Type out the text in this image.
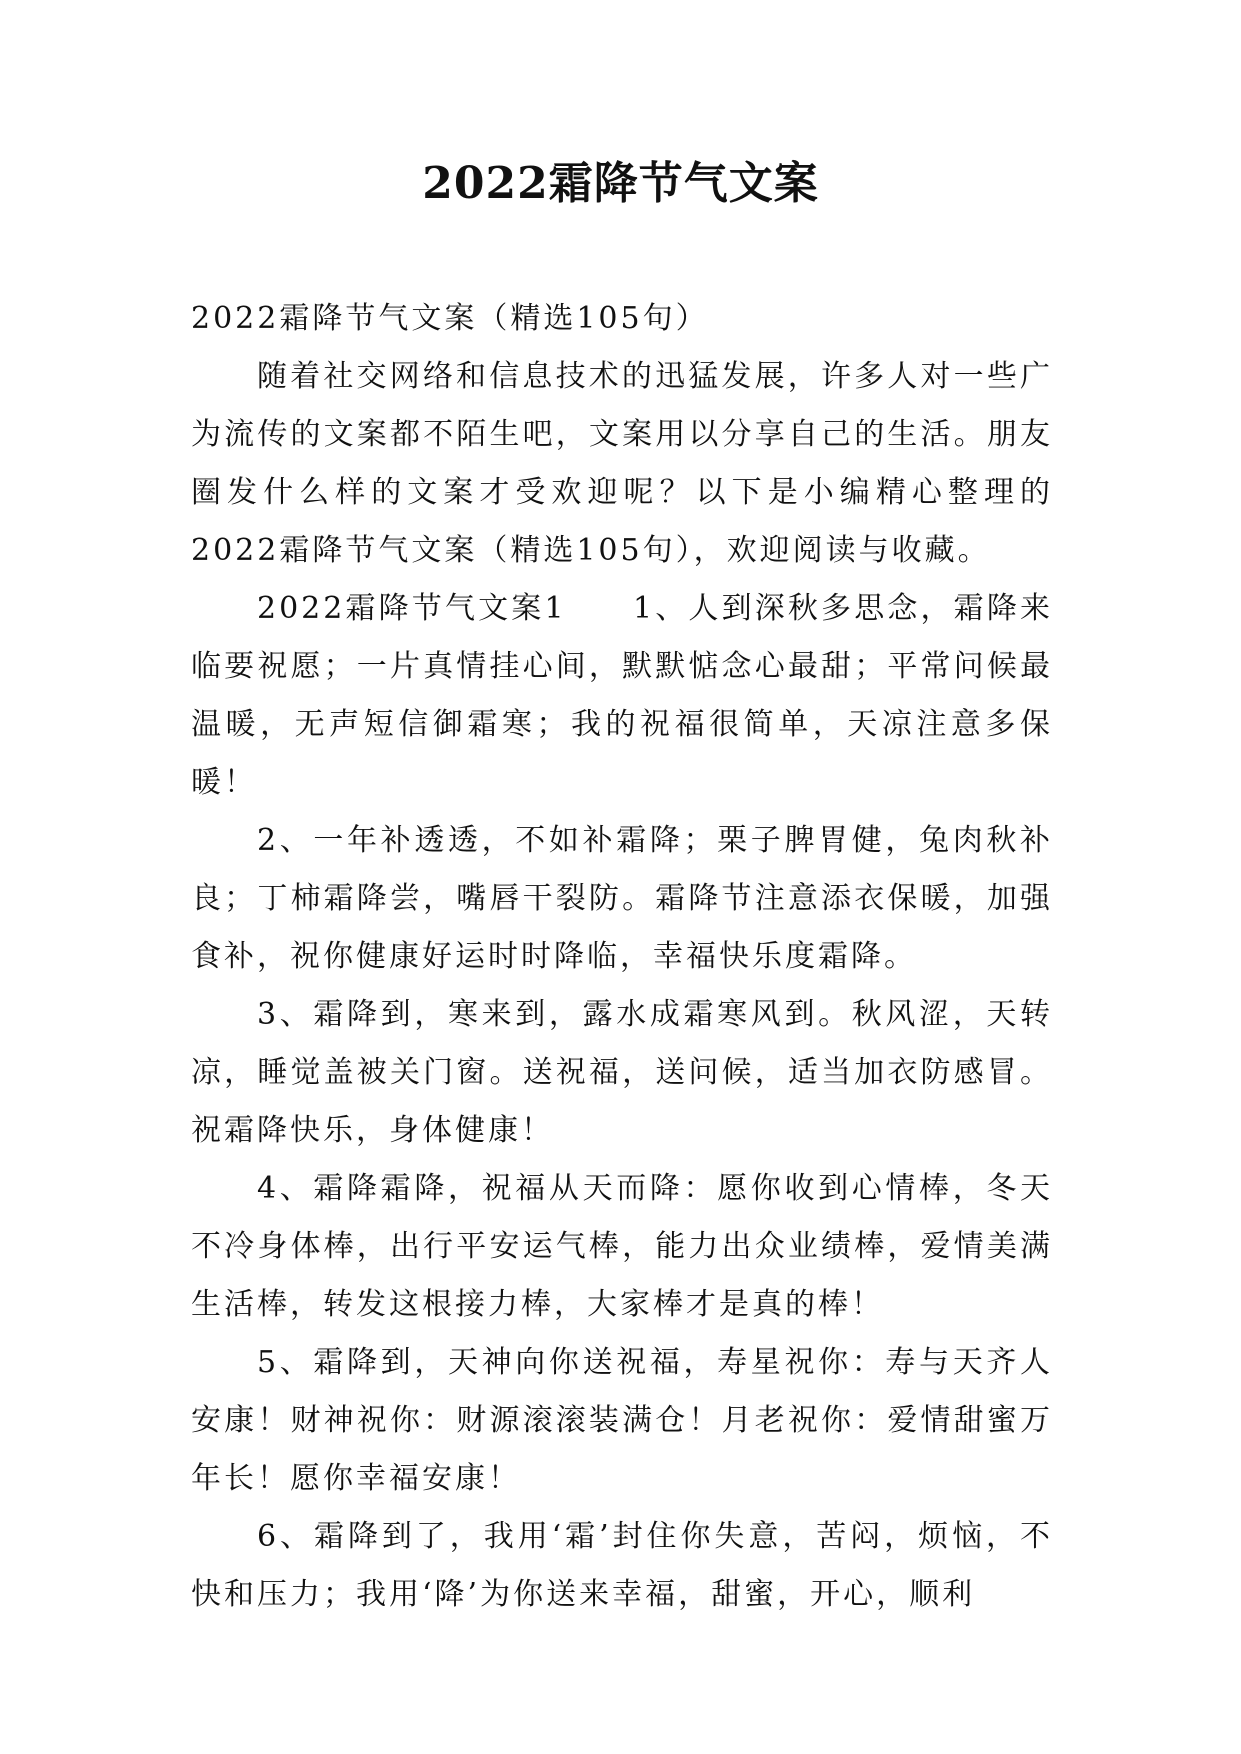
2022霜降节气文案

2022霜降节气文案（精选105句）

随着社交网络和信息技术的迅猛发展，许多人对一些广为流传的文案都不陌生吧，文案用以分享自己的生活。朋友圈发什么样的文案才受欢迎呢？以下是小编精心整理的2022霜降节气文案（精选105句），欢迎阅读与收藏。

2022霜降节气文案1　　1、人到深秋多思念，霜降来临要祝愿；一片真情挂心间，默默惦念心最甜；平常问候最温暖，无声短信御霜寒；我的祝福很简单，天凉注意多保暖！

2、一年补透透，不如补霜降；栗子脾胃健，兔肉秋补良；丁柿霜降尝，嘴唇干裂防。霜降节注意添衣保暖，加强食补，祝你健康好运时时降临，幸福快乐度霜降。

3、霜降到，寒来到，露水成霜寒风到。秋风涩，天转凉，睡觉盖被关门窗。送祝福，送问候，适当加衣防感冒。祝霜降快乐，身体健康！

4、霜降霜降，祝福从天而降：愿你收到心情棒，冬天不冷身体棒，出行平安运气棒，能力出众业绩棒，爱情美满生活棒，转发这根接力棒，大家棒才是真的棒！

5、霜降到，天神向你送祝福，寿星祝你：寿与天齐人安康！财神祝你：财源滚滚装满仓！月老祝你：爱情甜蜜万年长！愿你幸福安康！

6、霜降到了，我用‘霜’封住你失意，苦闷，烦恼，不快和压力；我用‘降’为你送来幸福，甜蜜，开心，顺利
